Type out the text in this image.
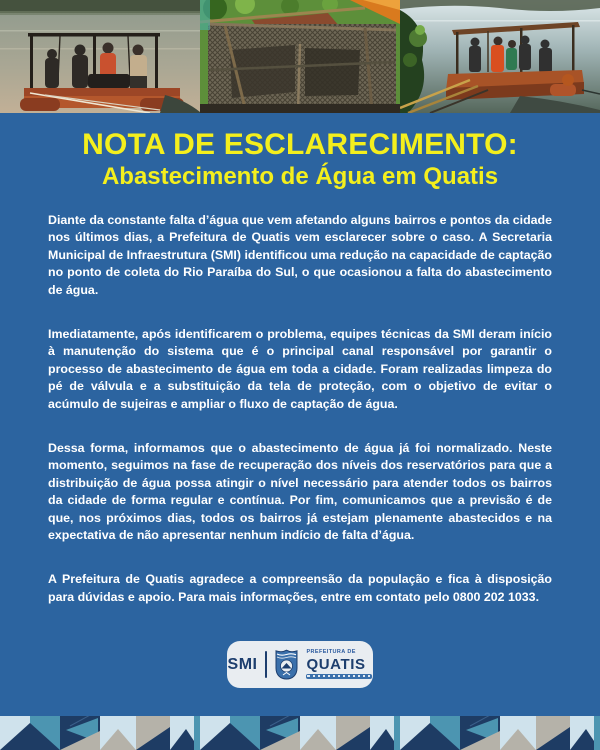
NOTA DE ESCLARECIMENTO:
Abastecimento de Água em Quatis

Diante da constante falta d’água que vem afetando alguns bairros e pontos da cidade nos últimos dias, a Prefeitura de Quatis vem esclarecer sobre o caso. A Secretaria Municipal de Infraestrutura (SMI) identificou uma redução na capacidade de captação no ponto de coleta do Rio Paraíba do Sul, o que ocasionou a falta do abastecimento de água.

Imediatamente, após identificarem o problema, equipes técnicas da SMI deram início à manutenção do sistema que é o principal canal responsável por garantir o processo de abastecimento de água em toda a cidade. Foram realizadas limpeza do pé de válvula e a substituição da tela de proteção, com o objetivo de evitar o acúmulo de sujeiras e ampliar o fluxo de captação de água.

Dessa forma, informamos que o abastecimento de água já foi normalizado. Neste momento, seguimos na fase de recuperação dos níveis dos reservatórios para que a distribuição de água possa atingir o nível necessário para atender todos os bairros da cidade de forma regular e contínua. Por fim, comunicamos que a previsão é de que, nos próximos dias, todos os bairros já estejam plenamente abastecidos e na expectativa de não apresentar nenhum indício de falta d’água.

A Prefeitura de Quatis agradece a compreensão da população e fica à disposição para dúvidas e apoio. Para mais informações, entre em contato pelo 0800 202 1033.

SMI
PREFEITURA DE
QUATIS
